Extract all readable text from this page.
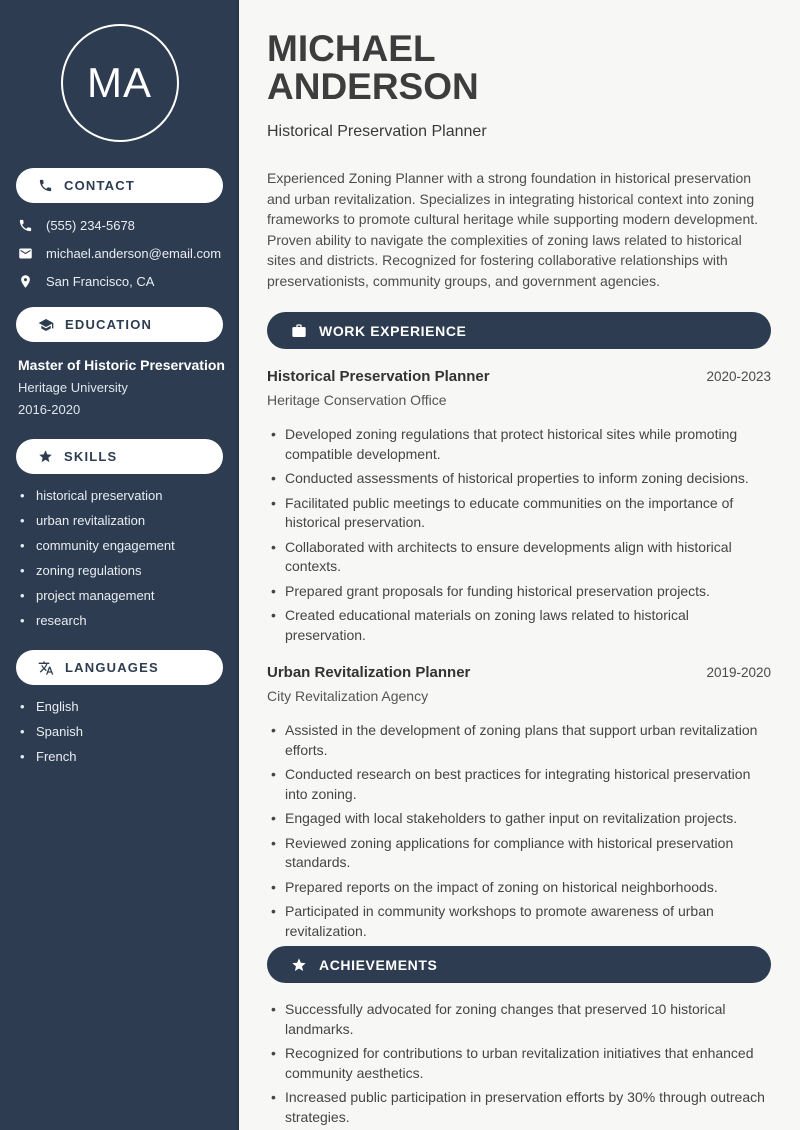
MA
CONTACT
(555) 234-5678
michael.anderson@email.com
San Francisco, CA
EDUCATION
Master of Historic Preservation
Heritage University
2016-2020
SKILLS
• historical preservation
• urban revitalization
• community engagement
• zoning regulations
• project management
• research
LANGUAGES
• English
• Spanish
• French
MICHAEL
ANDERSON
Historical Preservation Planner

Experienced Zoning Planner with a strong foundation in historical preservation and urban revitalization. Specializes in integrating historical context into zoning frameworks to promote cultural heritage while supporting modern development. Proven ability to navigate the complexities of zoning laws related to historical sites and districts. Recognized for fostering collaborative relationships with preservationists, community groups, and government agencies.

WORK EXPERIENCE
Historical Preservation Planner	2020-2023
Heritage Conservation Office
• Developed zoning regulations that protect historical sites while promoting compatible development.
• Conducted assessments of historical properties to inform zoning decisions.
• Facilitated public meetings to educate communities on the importance of historical preservation.
• Collaborated with architects to ensure developments align with historical contexts.
• Prepared grant proposals for funding historical preservation projects.
• Created educational materials on zoning laws related to historical preservation.
Urban Revitalization Planner	2019-2020
City Revitalization Agency
• Assisted in the development of zoning plans that support urban revitalization efforts.
• Conducted research on best practices for integrating historical preservation into zoning.
• Engaged with local stakeholders to gather input on revitalization projects.
• Reviewed zoning applications for compliance with historical preservation standards.
• Prepared reports on the impact of zoning on historical neighborhoods.
• Participated in community workshops to promote awareness of urban revitalization.
ACHIEVEMENTS
• Successfully advocated for zoning changes that preserved 10 historical landmarks.
• Recognized for contributions to urban revitalization initiatives that enhanced community aesthetics.
• Increased public participation in preservation efforts by 30% through outreach strategies.
